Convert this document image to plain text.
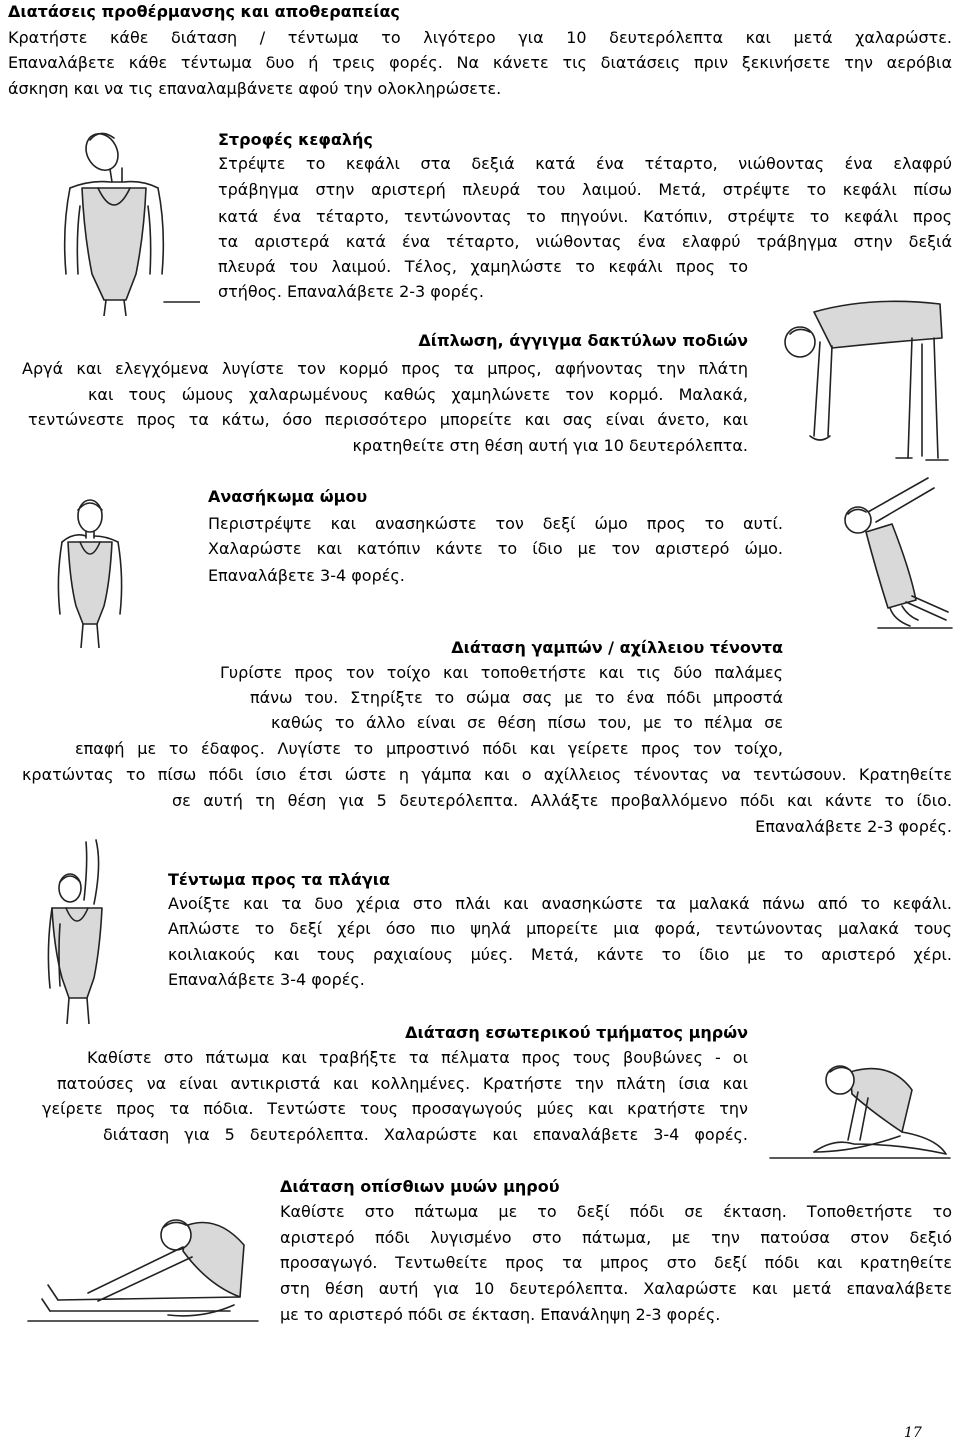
Διατάσεις προθέρμανσης και αποθεραπείας
Κρατήστε κάθε διάταση / τέντωμα το λιγότερο για 10 δευτερόλεπτα και μετά χαλαρώστε.
Επαναλάβετε κάθε τέντωμα δυο ή τρεις φορές. Να κάνετε τις διατάσεις πριν ξεκινήσετε την αερόβια
άσκηση και να τις επαναλαμβάνετε αφού την ολοκληρώσετε.
Στροφές κεφαλής
Στρέψτε το κεφάλι στα δεξιά κατά ένα τέταρτο, νιώθοντας ένα ελαφρύ
τράβηγμα στην αριστερή πλευρά του λαιμού. Μετά, στρέψτε το κεφάλι πίσω
κατά ένα τέταρτο, τεντώνοντας το πηγούνι. Κατόπιν, στρέψτε το κεφάλι προς
τα αριστερά κατά ένα τέταρτο, νιώθοντας ένα ελαφρύ τράβηγμα στην δεξιά
πλευρά του λαιμού. Τέλος, χαμηλώστε το κεφάλι προς το
στήθος. Επαναλάβετε 2-3 φορές.
Δίπλωση, άγγιγμα δακτύλων ποδιών
Αργά και ελεγχόμενα λυγίστε τον κορμό προς τα μπρος, αφήνοντας την πλάτη
και τους ώμους χαλαρωμένους καθώς χαμηλώνετε τον κορμό. Μαλακά,
τεντώνεστε προς τα κάτω, όσο περισσότερο μπορείτε και σας είναι άνετο, και
κρατηθείτε στη θέση αυτή για 10 δευτερόλεπτα.
Ανασήκωμα ώμου
Περιστρέψτε και ανασηκώστε τον δεξί ώμο προς το αυτί.
Χαλαρώστε και κατόπιν κάντε το ίδιο με τον αριστερό ώμο.
Επαναλάβετε 3-4 φορές.
Διάταση γαμπών / αχίλλειου τένοντα
Γυρίστε προς τον τοίχο και τοποθετήστε και τις δύο παλάμες
πάνω του. Στηρίξτε το σώμα σας με το ένα πόδι μπροστά
καθώς το άλλο είναι σε θέση πίσω του, με το πέλμα σε
επαφή με το έδαφος. Λυγίστε το μπροστινό πόδι και γείρετε προς τον τοίχο,
κρατώντας το πίσω πόδι ίσιο έτσι ώστε η γάμπα και ο αχίλλειος τένοντας να τεντώσουν. Κρατηθείτε
σε αυτή τη θέση για 5 δευτερόλεπτα. Αλλάξτε προβαλλόμενο πόδι και κάντε το ίδιο.
Επαναλάβετε 2-3 φορές.
Τέντωμα προς τα πλάγια
Ανοίξτε και τα δυο χέρια στο πλάι και ανασηκώστε τα μαλακά πάνω από το κεφάλι.
Απλώστε το δεξί χέρι όσο πιο ψηλά μπορείτε μια φορά, τεντώνοντας μαλακά τους
κοιλιακούς και τους ραχιαίους μύες. Μετά, κάντε το ίδιο με το αριστερό χέρι.
Επαναλάβετε 3-4 φορές.
Διάταση εσωτερικού τμήματος μηρών
Καθίστε στο πάτωμα και τραβήξτε τα πέλματα προς τους βουβώνες - οι
πατούσες να είναι αντικριστά και κολλημένες. Κρατήστε την πλάτη ίσια και
γείρετε προς τα πόδια. Τεντώστε τους προσαγωγούς μύες και κρατήστε την
διάταση για 5 δευτερόλεπτα. Χαλαρώστε και επαναλάβετε 3-4 φορές.
Διάταση οπίσθιων μυών μηρού
Καθίστε στο πάτωμα με το δεξί πόδι σε έκταση. Τοποθετήστε το
αριστερό πόδι λυγισμένο στο πάτωμα, με την πατούσα στον δεξιό
προσαγωγό. Τεντωθείτε προς τα μπρος στο δεξί πόδι και κρατηθείτε
στη θέση αυτή για 10 δευτερόλεπτα. Χαλαρώστε και μετά επαναλάβετε
με το αριστερό πόδι σε έκταση. Επανάληψη 2-3 φορές.
17
